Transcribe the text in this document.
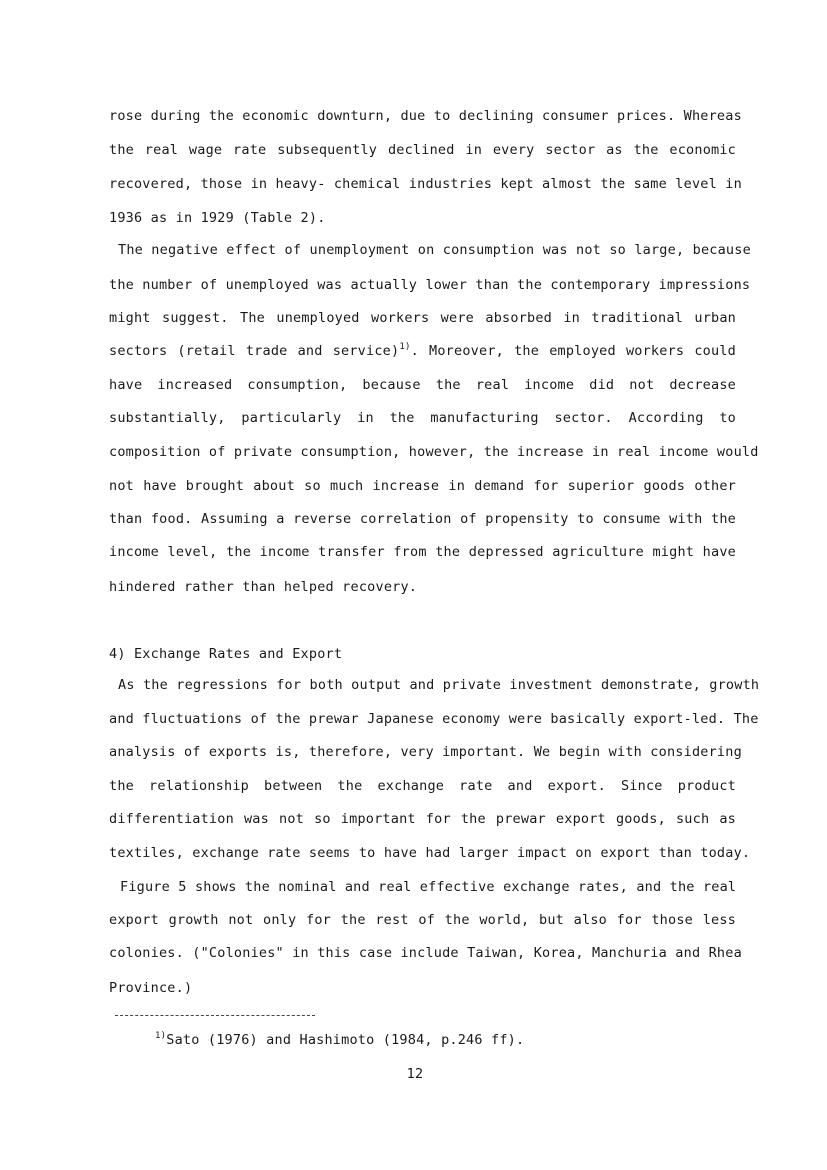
rose during the economic downturn, due to declining consumer prices. Whereas
the real wage rate subsequently declined in every sector as the economic
recovered, those in heavy- chemical industries kept almost the same level in
1936 as in 1929 (Table 2).
The negative effect of unemployment on consumption was not so large, because
the number of unemployed was actually lower than the contemporary impressions
might suggest. The unemployed workers were absorbed in traditional urban
sectors (retail trade and service)$^{1)}$. Moreover, the employed workers could
have increased consumption, because the real income did not decrease
substantially, particularly in the manufacturing sector. According to
composition of private consumption, however, the increase in real income would
not have brought about so much increase in demand for superior goods other
than food. Assuming a reverse correlation of propensity to consume with the
income level, the income transfer from the depressed agriculture might have
hindered rather than helped recovery.
4) Exchange Rates and Export
As the regressions for both output and private investment demonstrate, growth
and fluctuations of the prewar Japanese economy were basically export-led. The
analysis of exports is, therefore, very important. We begin with considering
the relationship between the exchange rate and export. Since product
differentiation was not so important for the prewar export goods, such as
textiles, exchange rate seems to have had larger impact on export than today.
Figure 5 shows the nominal and real effective exchange rates, and the real
export growth not only for the rest of the world, but also for those less
colonies. ("Colonies" in this case include Taiwan, Korea, Manchuria and Rhea
Province.)
$^{1)}$Sato (1976) and Hashimoto (1984, p.246 ff).
12
